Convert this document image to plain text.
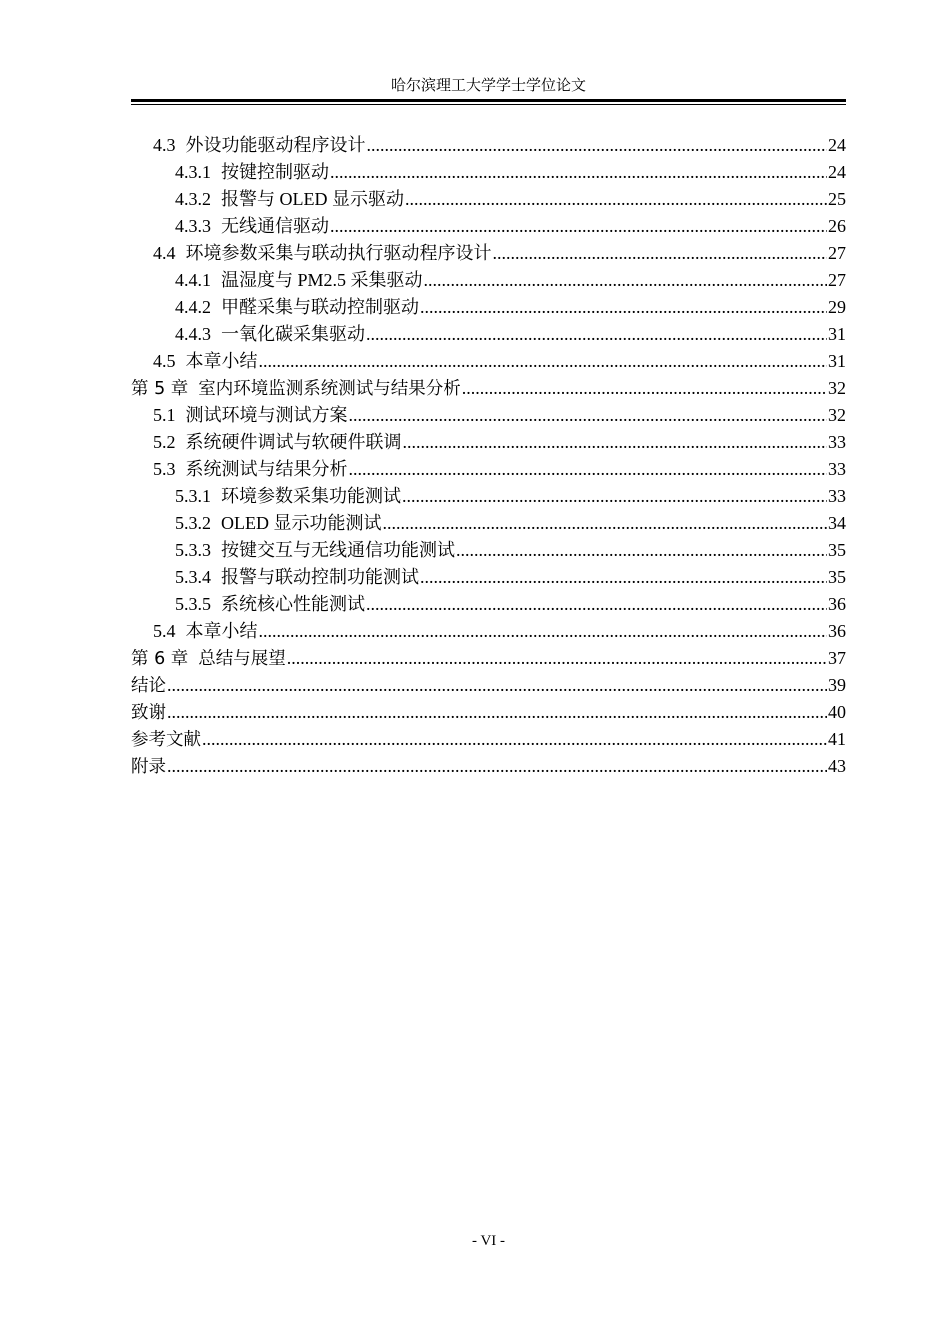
哈尔滨理工大学学士学位论文
4.3 外设功能驱动程序设计 .....	24
4.3.1 按键控制驱动 .....	24
4.3.2 报警与 OLED 显示驱动 .....	25
4.3.3 无线通信驱动 .....	26
4.4 环境参数采集与联动执行驱动程序设计 .....	27
4.4.1 温湿度与 PM2.5 采集驱动 .....	27
4.4.2 甲醛采集与联动控制驱动 .....	29
4.4.3 一氧化碳采集驱动 .....	31
4.5 本章小结 .....	31
第 5 章 室内环境监测系统测试与结果分析 .....	32
5.1 测试环境与测试方案 .....	32
5.2 系统硬件调试与软硬件联调 .....	33
5.3 系统测试与结果分析 .....	33
5.3.1 环境参数采集功能测试 .....	33
5.3.2 OLED 显示功能测试 .....	34
5.3.3 按键交互与无线通信功能测试 .....	35
5.3.4 报警与联动控制功能测试 .....	35
5.3.5 系统核心性能测试 .....	36
5.4 本章小结 .....	36
第 6 章 总结与展望 .....	37
结论 .....	39
致谢 .....	40
参考文献 .....	41
附录 .....	43
- VI -
